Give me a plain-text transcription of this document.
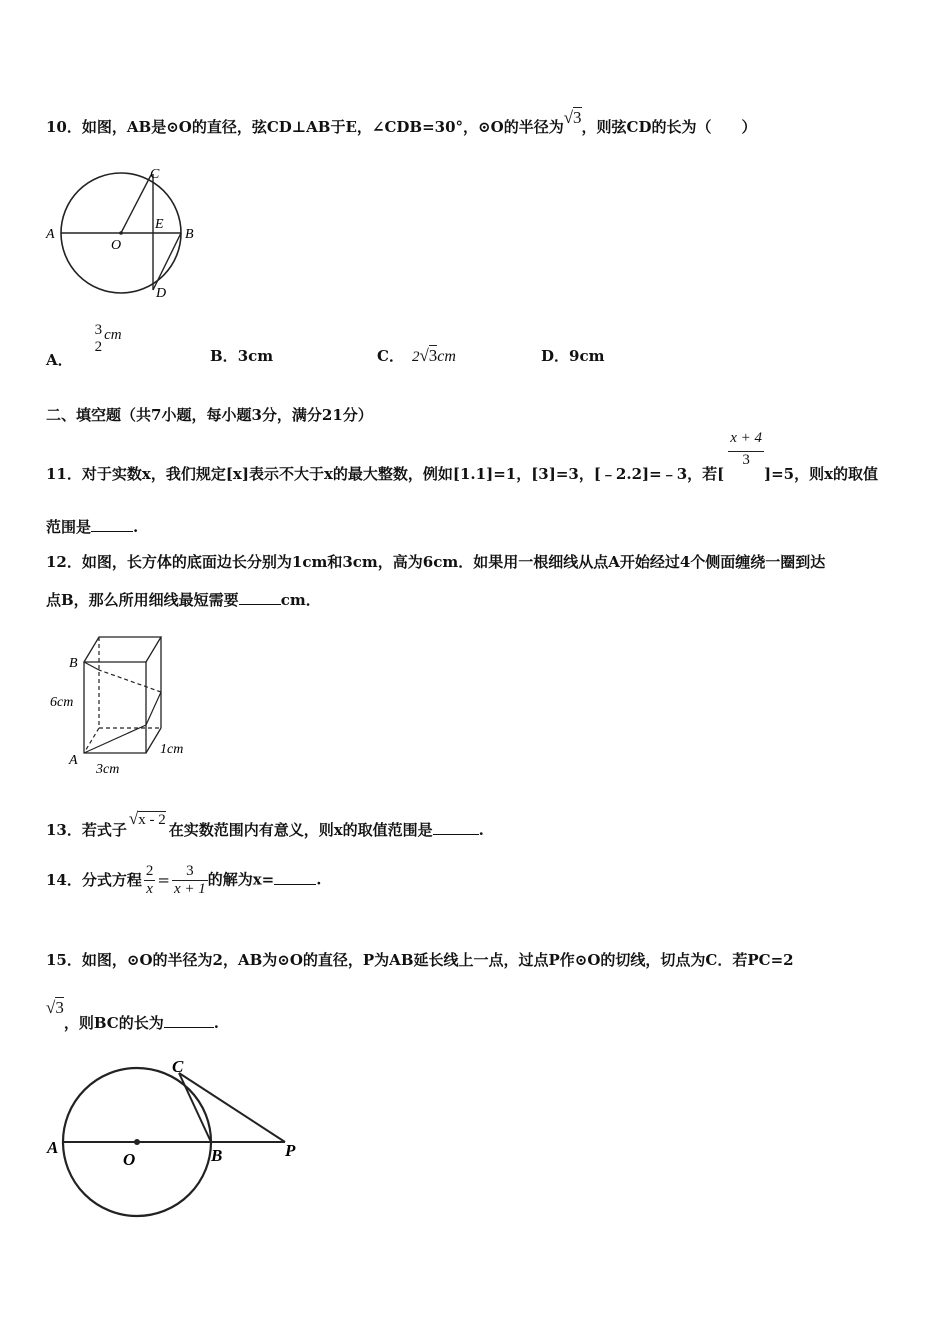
10．如图，AB是⊙O的直径，弦CD⊥AB于E，∠CDB=30°，⊙O的半径为√3，则弦CD的长为（　　）
A
O
E
C
B
D
A．
3
2
cm
B．3cm	C． 2√3cm	D．9cm
二、填空题（共7小题，每小题3分，满分21分）
11．对于实数x，我们规定[x]表示不大于x的最大整数，例如[1.1]=1，[3]=3，[﹣2.2]=﹣3，若[
$\frac{x + 4}{3}$
]=5，则x的取值
范围是	.
12．如图，长方体的底面边长分别为1cm和3cm，高为6cm．如果用一根细线从点A开始经过4个侧面缠绕一圈到达
点B，那么所用细线最短需要	cm．
B
A
6cm
3cm
1cm
13．若式子√x - 2在实数范围内有意义，则x的取值范围是	.
14．分式方程 $\frac{2}{x} = \frac{3}{x + 1}$ 的解为x=	.
15．如图，⊙O的半径为2，AB为⊙O的直径，P为AB延长线上一点，过点P作⊙O的切线，切点为C．若PC=2
√3，则BC的长为	.
A
O	B
C
P
